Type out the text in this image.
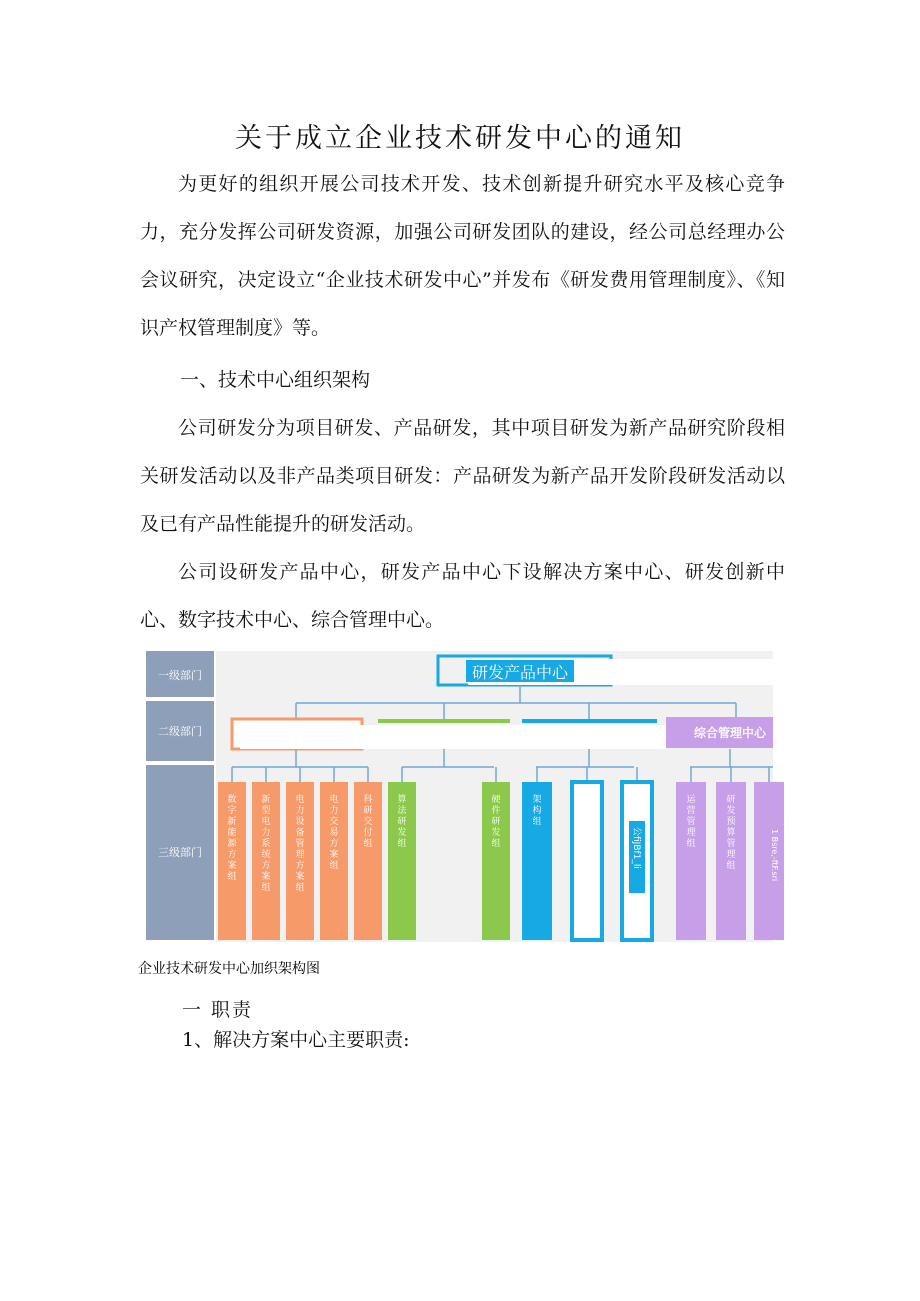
关于成立企业技术研发中心的通知

为更好的组织开展公司技术开发、技术创新提升研究水平及核心竞争力，充分发挥公司研发资源，加强公司研发团队的建设，经公司总经理办公会议研究，决定设立“企业技术研发中心”并发布《研发费用管理制度》、《知识产权管理制度》等。

一、技术中心组织架构

公司研发分为项目研发、产品研发，其中项目研发为新产品研究阶段相关研发活动以及非产品类项目研发：产品研发为新产品开发阶段研发活动以及已有产品性能提升的研发活动。

公司设研发产品中心，研发产品中心下设解决方案中心、研发创新中心、数字技术中心、综合管理中心。

一级部门
二级部门
三级部门
研发产品中心
综合管理中心
数字新能源方案组
新型电力系统方案组
电力设备管理方案组
电力交易方案组
科研交付组
算法研发组
硬件研发组
架构组
公fiJBf1_li
运营管理组
研发预算管理组	1 Bsre,-ftF.sri
企业技术研发中心加织架构图

一 职责

1、解决方案中心主要职责:
